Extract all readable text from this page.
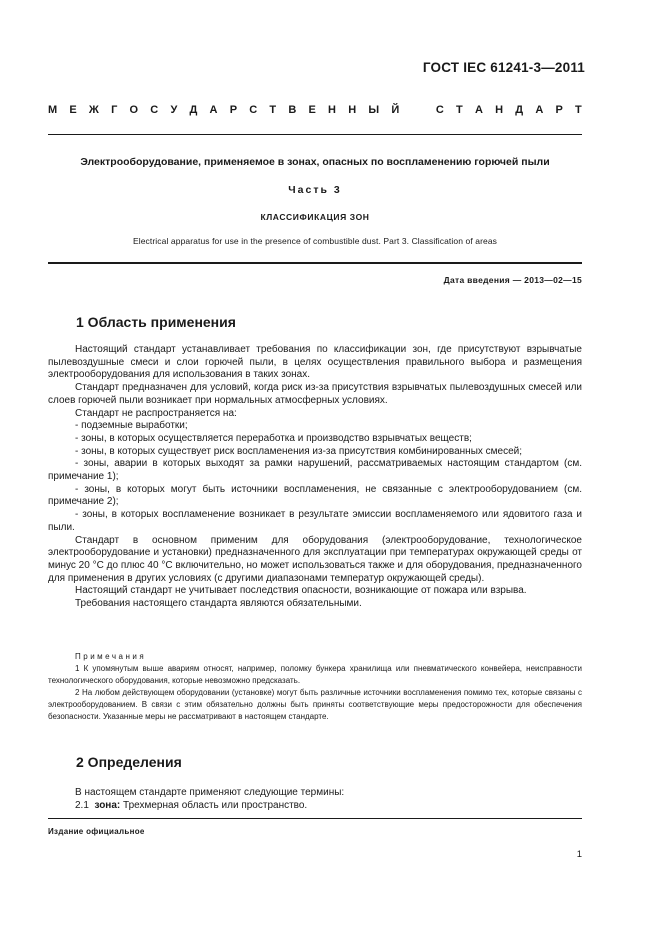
ГОСТ IEC 61241-3—2011
М Е Ж Г О С У Д А Р С Т В Е Н Н Ы Й	С Т А Н Д А Р Т
Электрооборудование, применяемое в зонах, опасных по воспламенению горючей пыли
Часть 3
КЛАССИФИКАЦИЯ ЗОН
Electrical apparatus for use in the presence of combustible dust. Part 3. Classification of areas
Дата введения — 2013—02—15
1 Область применения

Настоящий стандарт устанавливает требования по классификации зон, где присутствуют взрывчатые пылевоздушные смеси и слои горючей пыли, в целях осуществления правильного выбора и размещения электрооборудования для использования в таких зонах.

Стандарт предназначен для условий, когда риск из-за присутствия взрывчатых пылевоздушных смесей или слоев горючей пыли возникает при нормальных атмосферных условиях.

Стандарт не распространяется на:

- подземные выработки;

- зоны, в которых осуществляется переработка и производство взрывчатых веществ;

- зоны, в которых существует риск воспламенения из-за присутствия комбинированных смесей;

- зоны, аварии в которых выходят за рамки нарушений, рассматриваемых настоящим стандартом (см. примечание 1);

- зоны, в которых могут быть источники воспламенения, не связанные с электрооборудованием (см. примечание 2);

- зоны, в которых воспламенение возникает в результате эмиссии воспламеняемого или ядовитого газа и пыли.

Стандарт в основном применим для оборудования (электрооборудование, технологическое электрооборудование и установки) предназначенного для эксплуатации при температурах окружающей среды от минус 20 °С до плюс 40 °С включительно, но может использоваться также и для оборудования, предназначенного для применения в других условиях (с другими диапазонами температур окружающей среды).

Настоящий стандарт не учитывает последствия опасности, возникающие от пожара или взрыва.

Требования настоящего стандарта являются обязательными.

Примечания

1 К упомянутым выше авариям относят, например, поломку бункера хранилища или пневматического конвейера, неисправности технологического оборудования, которые невозможно предсказать.

2 На любом действующем оборудовании (установке) могут быть различные источники воспламенения помимо тех, которые связаны с электрооборудованием. В связи с этим обязательно должны быть приняты соответствующие меры предосторожности для обеспечения безопасности. Указанные меры не рассматривают в настоящем стандарте.

2 Определения

В настоящем стандарте применяют следующие термины:

2.1 зона: Трехмерная область или пространство.

Издание официальное
1
